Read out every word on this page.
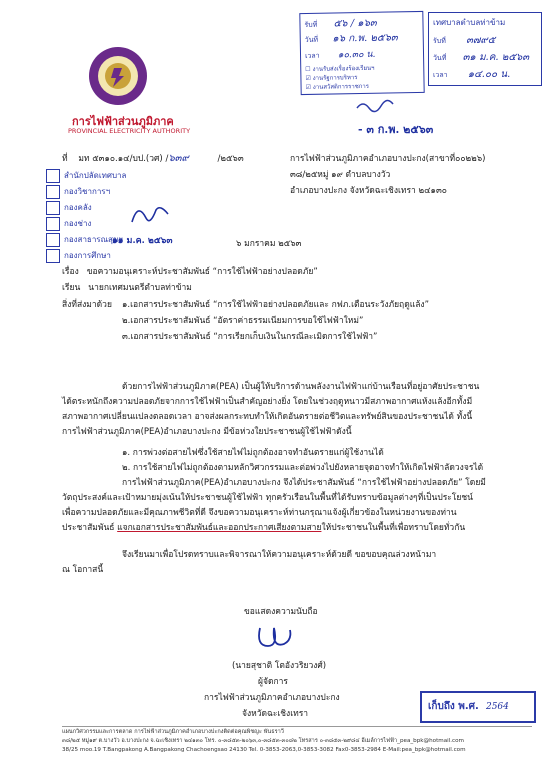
การไฟฟ้าส่วนภูมิภาค
PROVINCIAL ELECTRICITY AUTHORITY
รับที่ ๕๖ / ๑๖๓
วันที่ ๑๖ ก.พ. ๒๕๖๓
เวลา ๑๐.๓๐ น.
☐ งานรับส่งเรื่องร้องเรียนฯ
☑ งานรัฐการบริหาร
☑ งานสวัสดิการราชการ
เทศบาลตำบลท่าข้าม
รับที่ ๓๗๙๕
วันที่ ๓๑ ม.ค. ๒๕๖๓
เวลา ๑๔.๐๐ น.
- ๓ ก.พ. ๒๕๖๓
ที่ มท ๕๓๑๐.๑๔/บป.(วศ) /๖๓๙	/๒๕๖๓	การไฟฟ้าส่วนภูมิภาคอำเภอบางปะกง(สาขาที่๐๐๒๒๖)
๓๘/๒๕หมู่ ๑๙ ตำบลบางวัว
อำเภอบางปะกง จังหวัดฉะเชิงเทรา ๒๔๑๓๐
สำนักปลัดเทศบาล
กองวิชาการฯ
กองคลัง
กองช่าง
กองสาธารณสุขฯ
กองการศึกษา
๑๑ ม.ค. ๒๕๖๓	๖ มกราคม ๒๕๖๓
เรื่อง ขอความอนุเคราะห์ประชาสัมพันธ์ “การใช้ไฟฟ้าอย่างปลอดภัย”
เรียน นายกเทศมนตรีตำบลท่าข้าม
สิ่งที่ส่งมาด้วย ๑.เอกสารประชาสัมพันธ์ “การใช้ไฟฟ้าอย่างปลอดภัยและ กฟภ.เตือนระวังภัยฤดูแล้ง”
๒.เอกสารประชาสัมพันธ์ “อัตราค่าธรรมเนียมการขอใช้ไฟฟ้าใหม่”
๓.เอกสารประชาสัมพันธ์ “การเรียกเก็บเงินในกรณีละเมิดการใช้ไฟฟ้า”
ด้วยการไฟฟ้าส่วนภูมิภาค(PEA) เป็นผู้ให้บริการด้านพลังงานไฟฟ้าแก่บ้านเรือนที่อยู่อาศัยประชาชน
ได้ตระหนักถึงความปลอดภัยจากการใช้ไฟฟ้าเป็นสำคัญอย่างยิ่ง โดยในช่วงฤดูหนาวมีสภาพอากาศแห้งแล้งอีกทั้งมี
สภาพอากาศเปลี่ยนแปลงตลอดเวลา อาจส่งผลกระทบทำให้เกิดอันตรายต่อชีวิตและทรัพย์สินของประชาชนได้ ทั้งนี้
การไฟฟ้าส่วนภูมิภาค(PEA)อำเภอบางปะกง มีข้อห่วงใยประชาชนผู้ใช้ไฟฟ้าดังนี้
๑. การพ่วงต่อสายไฟซึ่งใช้สายไฟไม่ถูกต้องอาจทำอันตรายแก่ผู้ใช้งานได้
๒. การใช้สายไฟไม่ถูกต้องตามหลักวิศวกรรมและต่อพ่วงไปยังหลายจุดอาจทำให้เกิดไฟฟ้าลัดวงจรได้
การไฟฟ้าส่วนภูมิภาค(PEA)อำเภอบางปะกง จึงได้ประชาสัมพันธ์ “การใช้ไฟฟ้าอย่างปลอดภัย” โดยมี
วัตถุประสงค์และเป้าหมายมุ่งเน้นให้ประชาชนผู้ใช้ไฟฟ้า ทุกครัวเรือนในพื้นที่ได้รับทราบข้อมูลต่างๆที่เป็นประโยชน์
เพื่อความปลอดภัยและมีคุณภาพชีวิตที่ดี จึงขอความอนุเคราะห์ท่านกรุณาแจ้งผู้เกี่ยวข้องในหน่วยงานของท่าน
ประชาสัมพันธ์ แจกเอกสารประชาสัมพันธ์และออกประกาศเสียงตามสายให้ประชาชนในพื้นที่เพื่อทราบโดยทั่วกัน
จึงเรียนมาเพื่อโปรดทราบและพิจารณาให้ความอนุเคราะห์ด้วยดี ขอขอบคุณล่วงหน้ามา
ณ โอกาสนี้
ขอแสดงความนับถือ
(นายสุชาติ โตอังวริยวงศ์)
ผู้จัดการ
การไฟฟ้าส่วนภูมิภาคอำเภอบางปะกง
จังหวัดฉะเชิงเทรา
เก็บถึง พ.ศ. 2564
แผนกวิศวกรรมและการตลาด การไฟฟ้าส่วนภูมิภาคอำเภอบางปะกงติดต่อคุณพิชญะ พันธราวี
๓๘/๒๕ หมู่๑๙ ต.บางวัว อ.บางปะกง จ.ฉะเชิงเทรา ๒๔๑๓๐ โทร. ๐-๓๘๕๓-๒๐๖๓,๐-๓๘๕๓-๓๐๘๒ โทรสาร ๐-๓๘๕๓-๒๙๘๔ อีเมล์การไฟฟ้า_pea_bpk@hotmail.com
38/25 moo.19 T.Bangpakong A.Bangpakong Chachoengsao 24130 Tel. 0-3853-2063,0-3853-3082 Fax0-3853-2984 E-Mail:pea_bpk@hotmail.com
